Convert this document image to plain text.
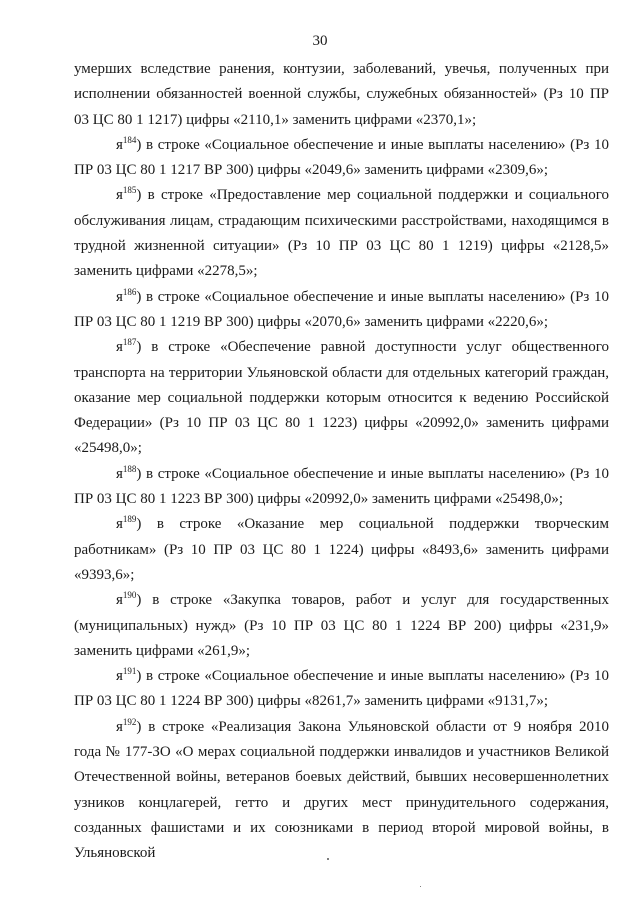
30

умерших вследствие ранения, контузии, заболеваний, увечья, полученных при исполнении обязанностей военной службы, служебных обязанностей» (Рз 10 ПР 03 ЦС 80 1 1217) цифры «2110,1» заменить цифрами «2370,1»;

$я^{184}$) в строке «Социальное обеспечение и иные выплаты населению» (Рз 10 ПР 03 ЦС 80 1 1217 ВР 300) цифры «2049,6» заменить цифрами «2309,6»;

$я^{185}$) в строке «Предоставление мер социальной поддержки и социального обслуживания лицам, страдающим психическими расстройствами, находящимся в трудной жизненной ситуации» (Рз 10 ПР 03 ЦС 80 1 1219) цифры «2128,5» заменить цифрами «2278,5»;

$я^{186}$) в строке «Социальное обеспечение и иные выплаты населению» (Рз 10 ПР 03 ЦС 80 1 1219 ВР 300) цифры «2070,6» заменить цифрами «2220,6»;

$я^{187}$) в строке «Обеспечение равной доступности услуг общественного транспорта на территории Ульяновской области для отдельных категорий граждан, оказание мер социальной поддержки которым относится к ведению Российской Федерации» (Рз 10 ПР 03 ЦС 80 1 1223) цифры «20992,0» заменить цифрами «25498,0»;

$я^{188}$) в строке «Социальное обеспечение и иные выплаты населению» (Рз 10 ПР 03 ЦС 80 1 1223 ВР 300) цифры «20992,0» заменить цифрами «25498,0»;

$я^{189}$) в строке «Оказание мер социальной поддержки творческим работникам» (Рз 10 ПР 03 ЦС 80 1 1224) цифры «8493,6» заменить цифрами «9393,6»;

$я^{190}$) в строке «Закупка товаров, работ и услуг для государственных (муниципальных) нужд» (Рз 10 ПР 03 ЦС 80 1 1224 ВР 200) цифры «231,9» заменить цифрами «261,9»;

$я^{191}$) в строке «Социальное обеспечение и иные выплаты населению» (Рз 10 ПР 03 ЦС 80 1 1224 ВР 300) цифры «8261,7» заменить цифрами «9131,7»;

$я^{192}$) в строке «Реализация Закона Ульяновской области от 9 ноября 2010 года № 177-ЗО «О мерах социальной поддержки инвалидов и участников Великой Отечественной войны, ветеранов боевых действий, бывших несовершеннолетних узников концлагерей, гетто и других мест принудительного содержания, созданных фашистами и их союзниками в период второй мировой войны, в Ульяновской
